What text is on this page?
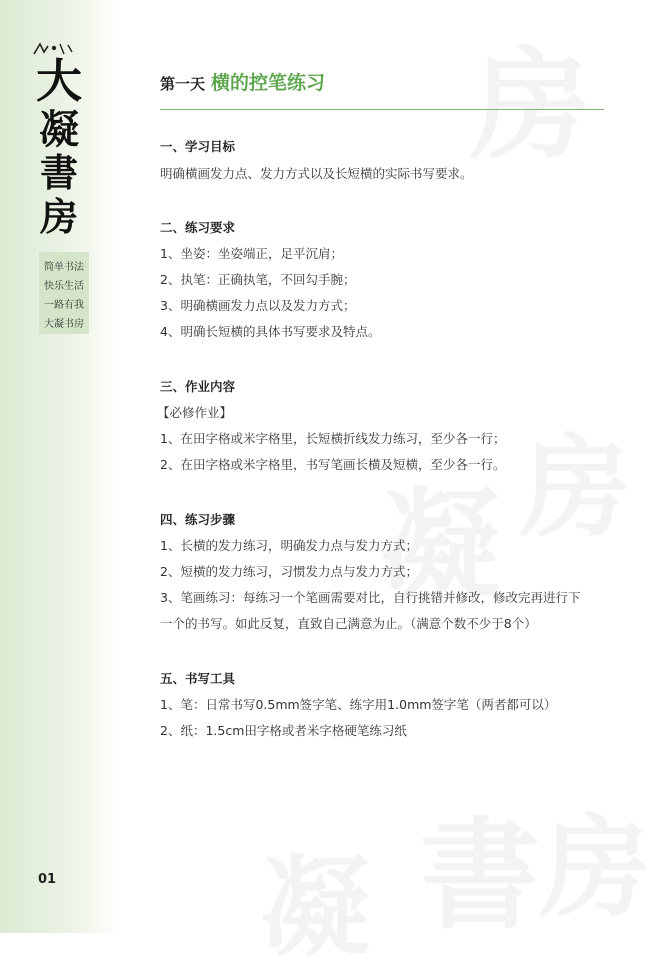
大
凝
書
房
简单书法
快乐生活
一路有我
大凝书房
第一天 横的控笔练习
一、学习目标
明确横画发力点、发力方式以及长短横的实际书写要求。
二、练习要求
1、坐姿：坐姿端正，足平沉肩；
2、执笔：正确执笔，不回勾手腕；
3、明确横画发力点以及发力方式；
4、明确长短横的具体书写要求及特点。
三、作业内容
【必修作业】
1、在田字格或米字格里，长短横折线发力练习，至少各一行；
2、在田字格或米字格里，书写笔画长横及短横，至少各一行。
四、练习步骤
1、长横的发力练习，明确发力点与发力方式；
2、短横的发力练习，习惯发力点与发力方式；
3、笔画练习：每练习一个笔画需要对比，自行挑错并修改，修改完再进行下
一个的书写。如此反复，直致自己满意为止。（满意个数不少于8个）
五、书写工具
1、笔：日常书写0.5mm签字笔、练字用1.0mm签字笔（两者都可以）
2、纸：1.5cm田字格或者米字格硬笔练习纸
01
